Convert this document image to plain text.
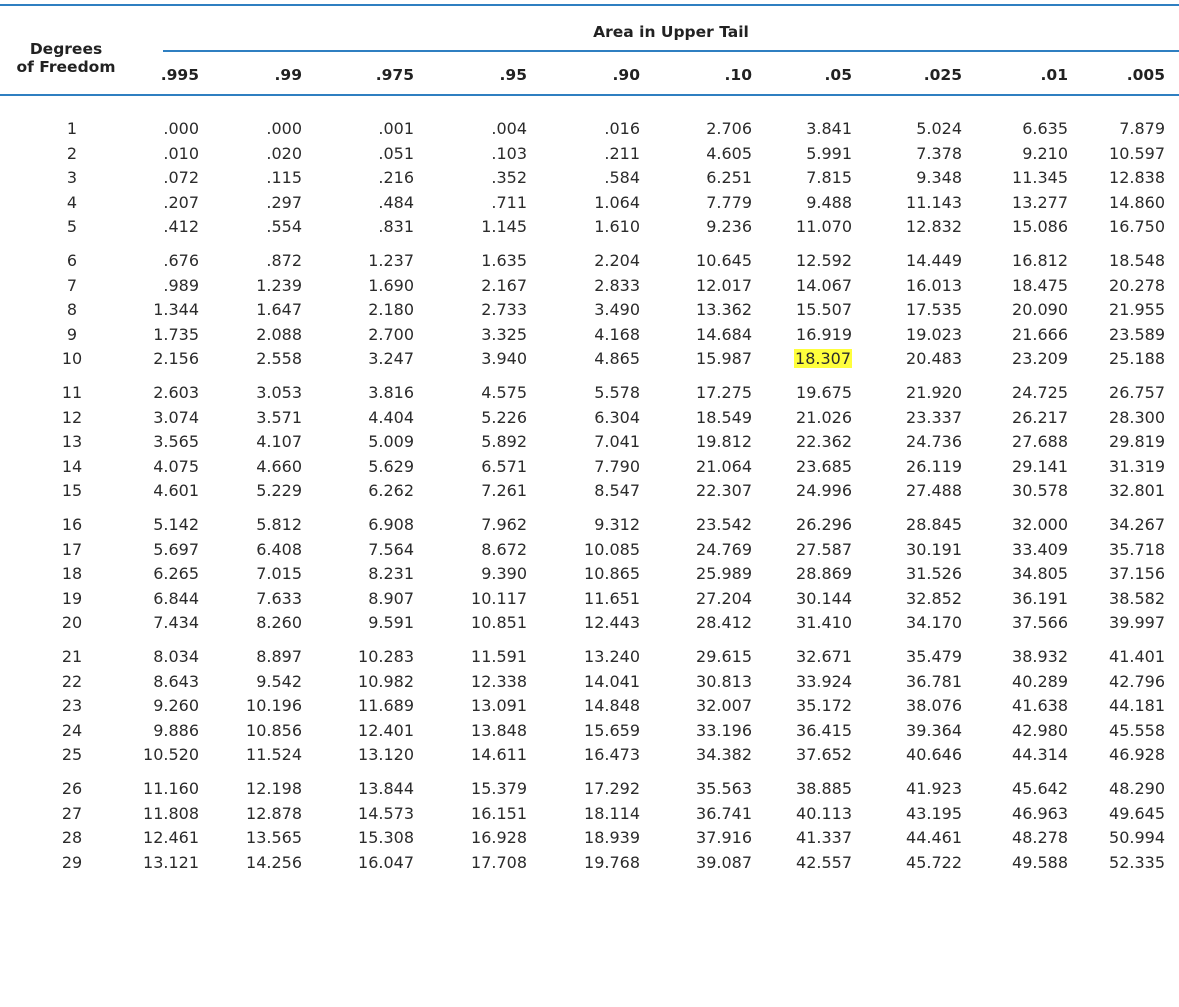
Area in Upper Tail
Degrees
of Freedom	.995	.99	.975	.95	.90	.10	.05	.025	.01	.005
1	.000	.000	.001	.004	.016	2.706	3.841	5.024	6.635	7.879
2	.010	.020	.051	.103	.211	4.605	5.991	7.378	9.210	10.597
3	.072	.115	.216	.352	.584	6.251	7.815	9.348	11.345	12.838
4	.207	.297	.484	.711	1.064	7.779	9.488	11.143	13.277	14.860
5	.412	.554	.831	1.145	1.610	9.236	11.070	12.832	15.086	16.750
6	.676	.872	1.237	1.635	2.204	10.645	12.592	14.449	16.812	18.548
7	.989	1.239	1.690	2.167	2.833	12.017	14.067	16.013	18.475	20.278
8	1.344	1.647	2.180	2.733	3.490	13.362	15.507	17.535	20.090	21.955
9	1.735	2.088	2.700	3.325	4.168	14.684	16.919	19.023	21.666	23.589
10	2.156	2.558	3.247	3.940	4.865	15.987	18.307	20.483	23.209	25.188
11	2.603	3.053	3.816	4.575	5.578	17.275	19.675	21.920	24.725	26.757
12	3.074	3.571	4.404	5.226	6.304	18.549	21.026	23.337	26.217	28.300
13	3.565	4.107	5.009	5.892	7.041	19.812	22.362	24.736	27.688	29.819
14	4.075	4.660	5.629	6.571	7.790	21.064	23.685	26.119	29.141	31.319
15	4.601	5.229	6.262	7.261	8.547	22.307	24.996	27.488	30.578	32.801
16	5.142	5.812	6.908	7.962	9.312	23.542	26.296	28.845	32.000	34.267
17	5.697	6.408	7.564	8.672	10.085	24.769	27.587	30.191	33.409	35.718
18	6.265	7.015	8.231	9.390	10.865	25.989	28.869	31.526	34.805	37.156
19	6.844	7.633	8.907	10.117	11.651	27.204	30.144	32.852	36.191	38.582
20	7.434	8.260	9.591	10.851	12.443	28.412	31.410	34.170	37.566	39.997
21	8.034	8.897	10.283	11.591	13.240	29.615	32.671	35.479	38.932	41.401
22	8.643	9.542	10.982	12.338	14.041	30.813	33.924	36.781	40.289	42.796
23	9.260	10.196	11.689	13.091	14.848	32.007	35.172	38.076	41.638	44.181
24	9.886	10.856	12.401	13.848	15.659	33.196	36.415	39.364	42.980	45.558
25	10.520	11.524	13.120	14.611	16.473	34.382	37.652	40.646	44.314	46.928
26	11.160	12.198	13.844	15.379	17.292	35.563	38.885	41.923	45.642	48.290
27	11.808	12.878	14.573	16.151	18.114	36.741	40.113	43.195	46.963	49.645
28	12.461	13.565	15.308	16.928	18.939	37.916	41.337	44.461	48.278	50.994
29	13.121	14.256	16.047	17.708	19.768	39.087	42.557	45.722	49.588	52.335
